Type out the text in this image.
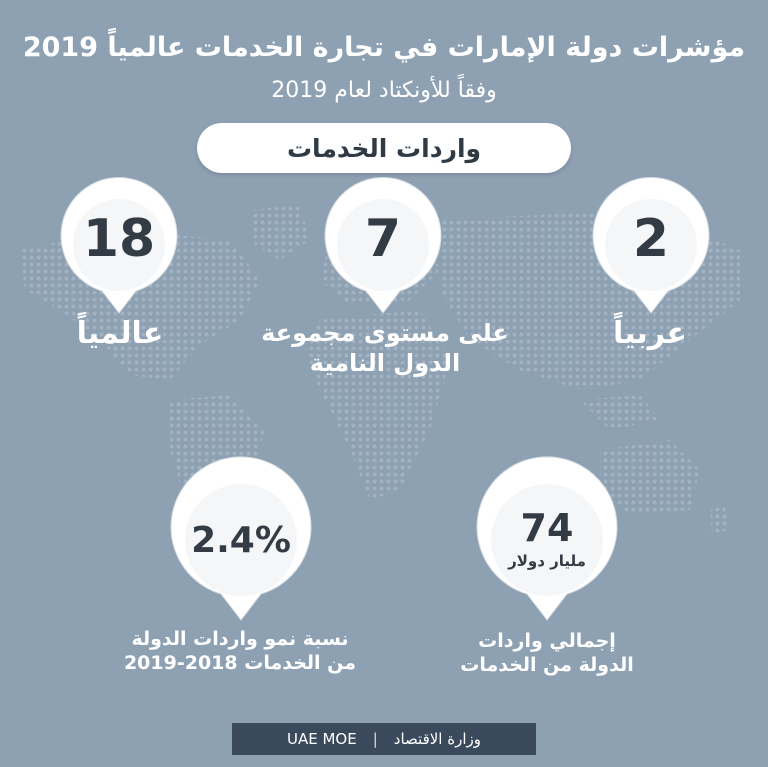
مؤشرات دولة الإمارات في تجارة الخدمات عالمياً 2019
وفقاً للأونكتاد لعام 2019
واردات الخدمات
18
عالمياً
7
على مستوى مجموعة
الدول النامية
2
عربياً
2.4%
نسبة نمو واردات الدولة
من الخدمات 2018-2019
74
مليار دولار
إجمالي واردات
الدولة من الخدمات
UAE MOE | وزارة الاقتصاد
